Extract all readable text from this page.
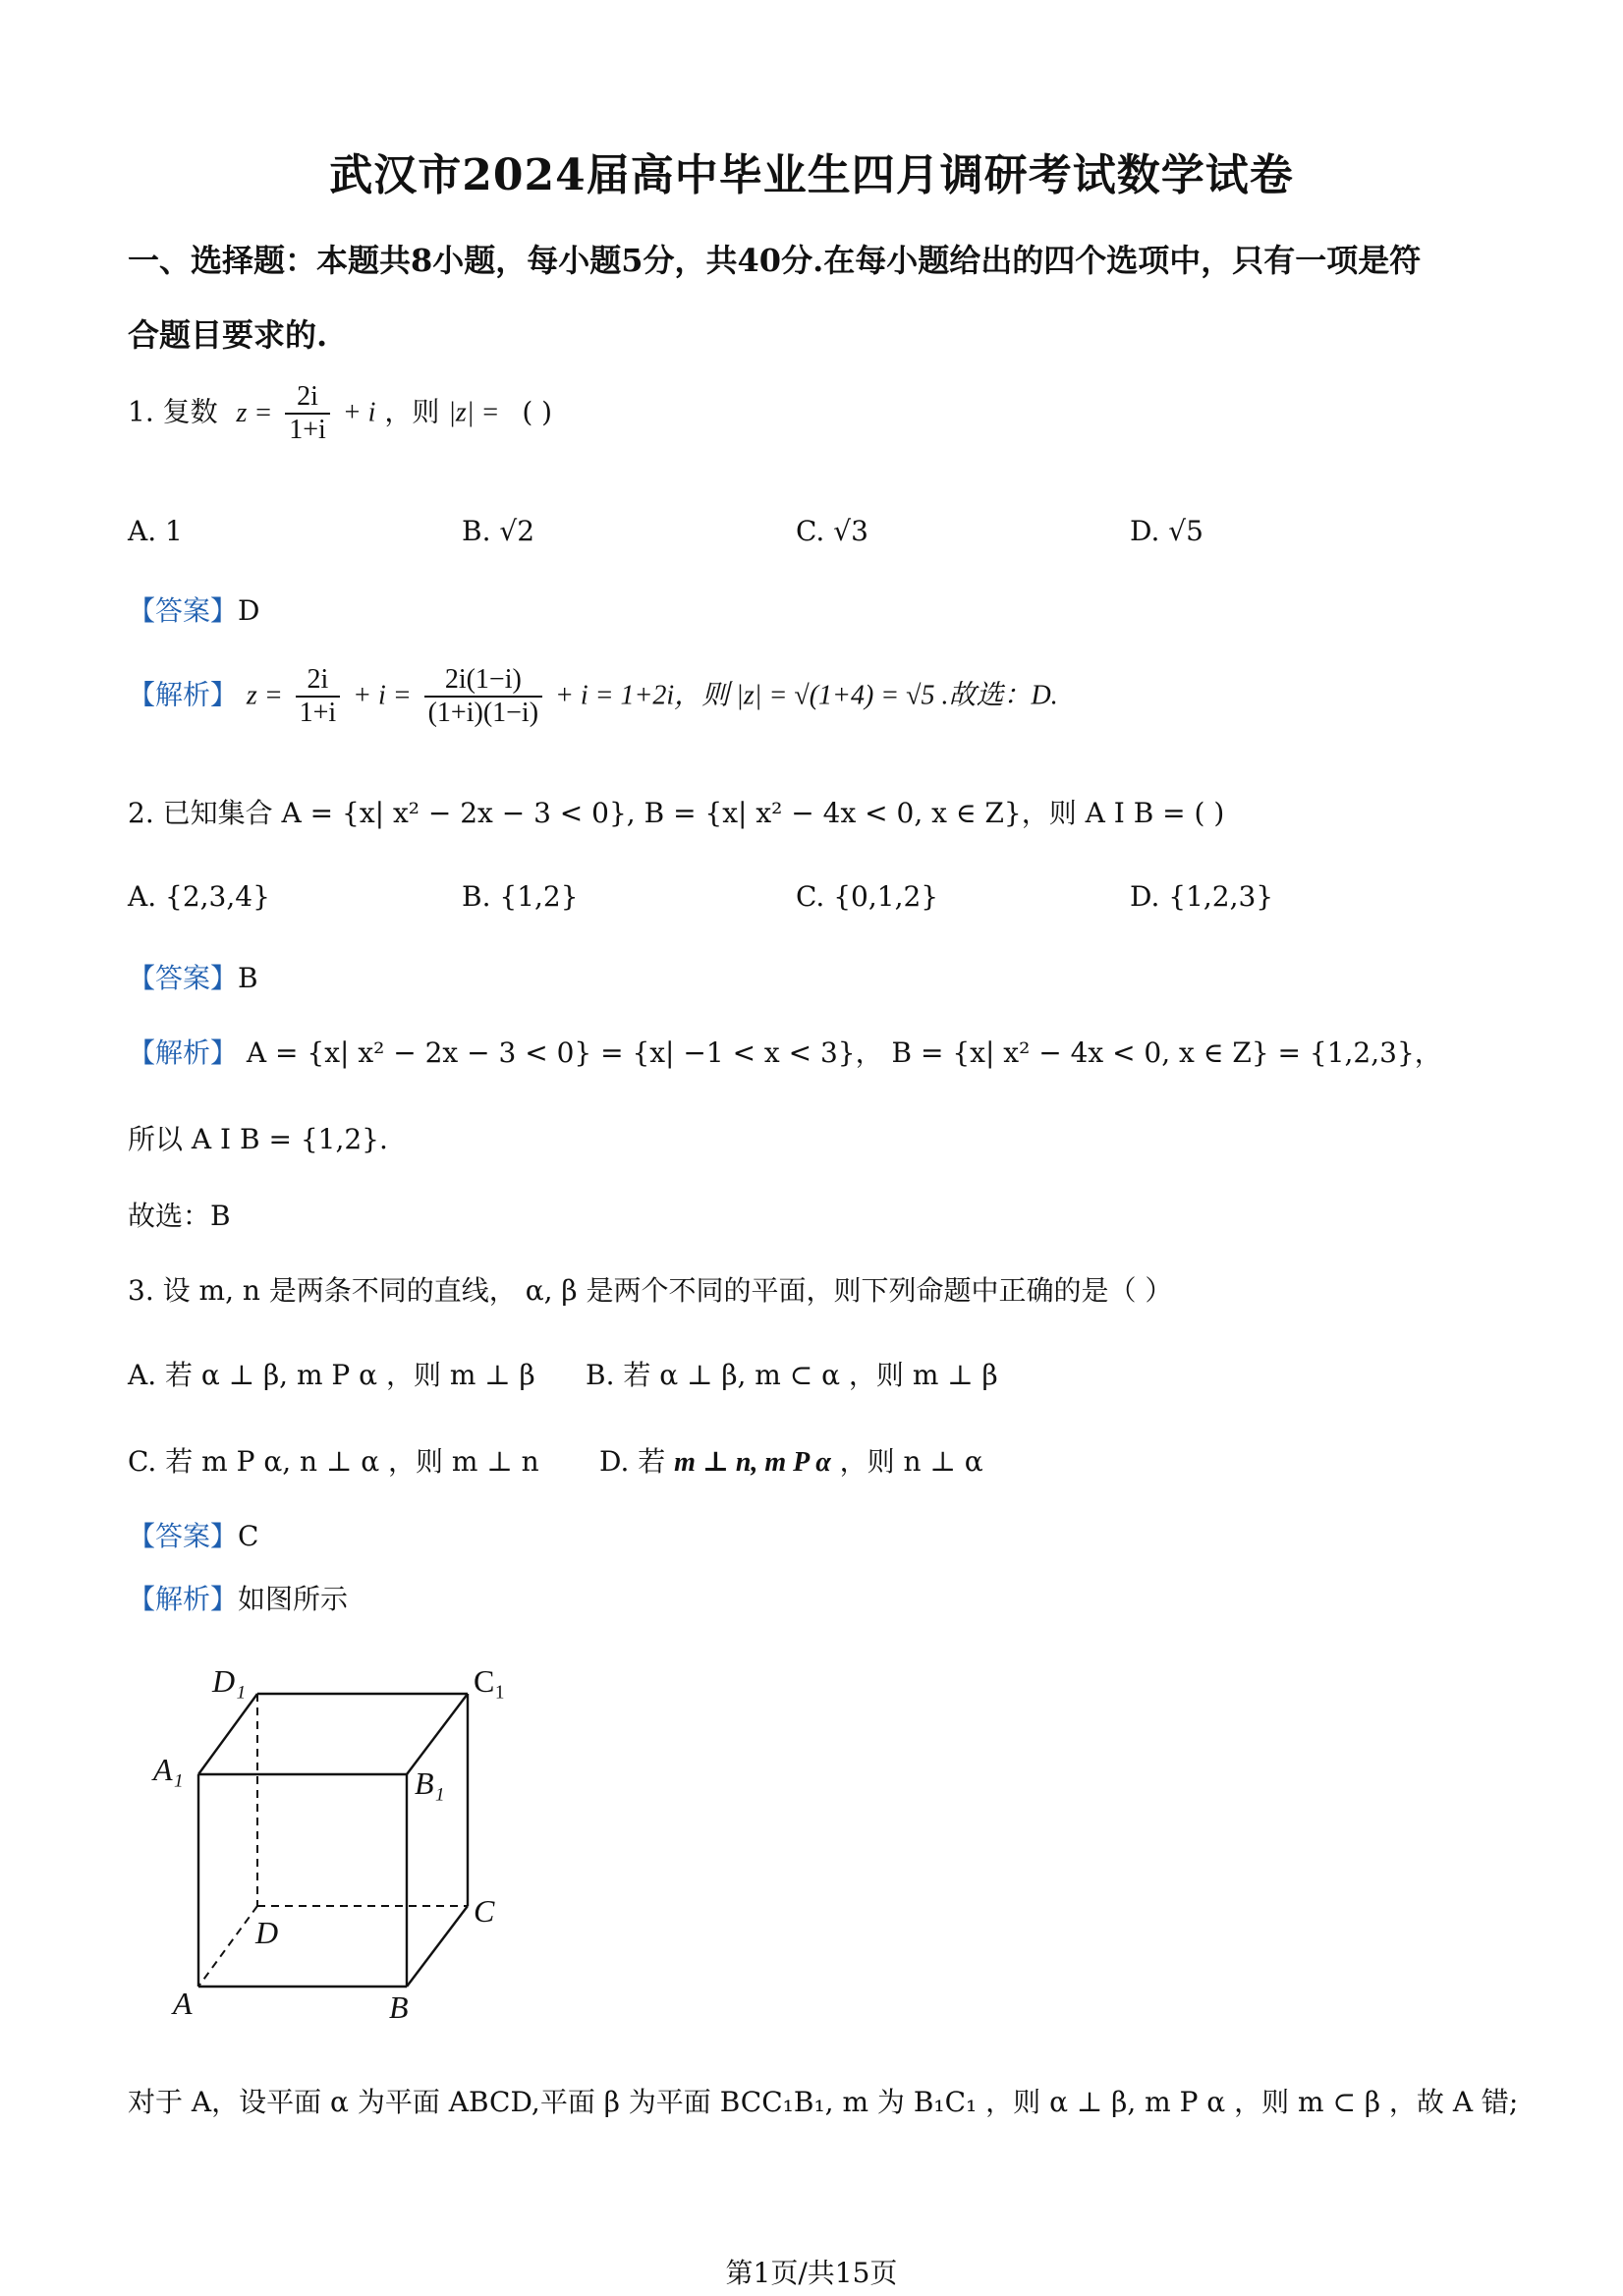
武汉市2024届高中毕业生四月调研考试数学试卷
一、选择题：本题共8小题，每小题5分，共40分.在每小题给出的四个选项中，只有一项是符
合题目要求的.
1. 复数 $z = \frac{2i}{1+i} + i$ ，则 |z| = ( )
A. 1	B. √2	C. √3	D. √5
【答案】D
【解析】 $z = \frac{2i}{1+i} + i = \frac{2i(1-i)}{(1+i)(1-i)} + i = 1+2i$，则 |z| = √(1+4) = √5 .故选：D.
2. 已知集合 A = {x| x² − 2x − 3 < 0}, B = {x| x² − 4x < 0, x ∈ Z}，则 A I B = ( )
A. {2,3,4}	B. {1,2}	C. {0,1,2}	D. {1,2,3}
【答案】B
【解析】 A = {x| x² − 2x − 3 < 0} = {x| −1 < x < 3}， B = {x| x² − 4x < 0, x ∈ Z} = {1,2,3}，
所以 A I B = {1,2}.
故选：B
3. 设 m, n 是两条不同的直线， α, β 是两个不同的平面，则下列命题中正确的是（ ）
A. 若 α ⊥ β, m P α ，则 m ⊥ β B. 若 α ⊥ β, m ⊂ α ，则 m ⊥ β
C. 若 m P α, n ⊥ α ，则 m ⊥ n D. 若 m ⊥ n, m P α ，则 n ⊥ α
【答案】C
【解析】如图所示
D₁	C₁
A₁	B₁
D
C
A	B
对于 A，设平面 α 为平面 ABCD,平面 β 为平面 BCC₁B₁, m 为 B₁C₁ ，则 α ⊥ β, m P α ，则 m ⊂ β ，故 A 错;
第1页/共15页
